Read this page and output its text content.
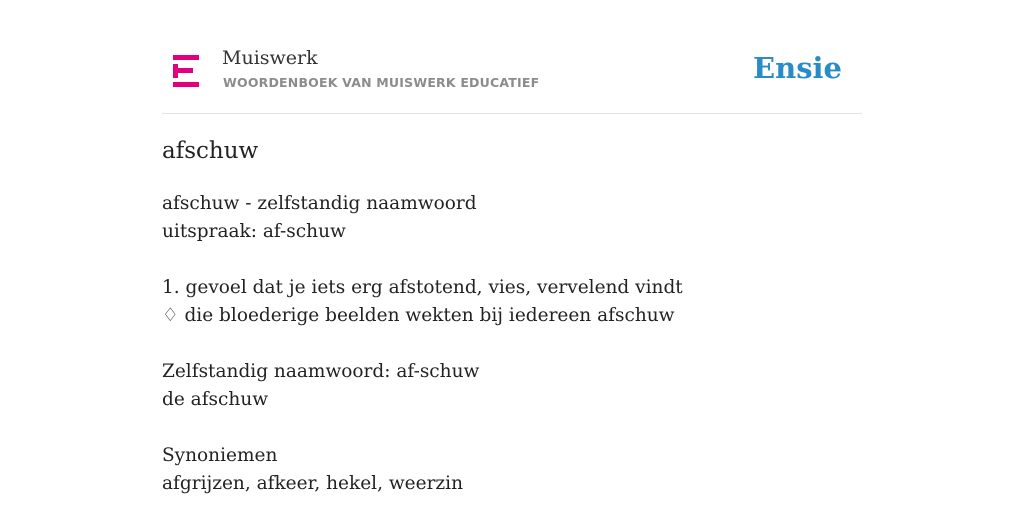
Muiswerk
WOORDENBOEK VAN MUISWERK EDUCATIEF	Ensie
afschuw
afschuw - zelfstandig naamwoord
uitspraak: af-schuw
1. gevoel dat je iets erg afstotend, vies, vervelend vindt
♢ die bloederige beelden wekten bij iedereen afschuw
Zelfstandig naamwoord: af-schuw
de afschuw
Synoniemen
afgrijzen, afkeer, hekel, weerzin
